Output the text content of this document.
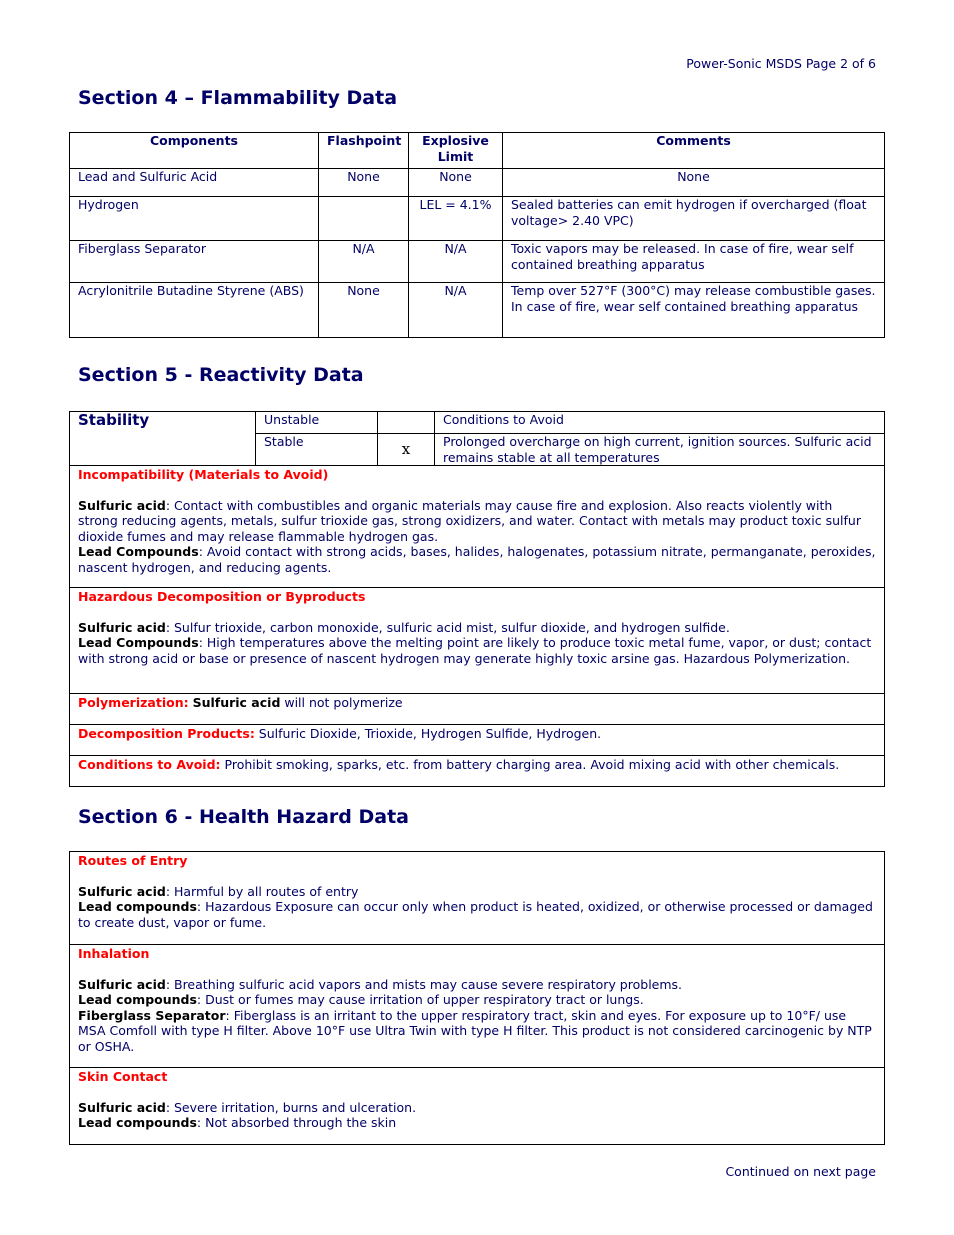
Power-Sonic MSDS Page 2 of 6
Section 4 – Flammability Data
Components	Flashpoint	Explosive Limit	Comments
Lead and Sulfuric Acid	None	None	None
Hydrogen		LEL = 4.1%	Sealed batteries can emit hydrogen if overcharged (float voltage> 2.40 VPC)
Fiberglass Separator	N/A	N/A	Toxic vapors may be released. In case of fire, wear self contained breathing apparatus
Acrylonitrile Butadine Styrene (ABS)	None	N/A	Temp over 527°F (300°C) may release combustible gases. In case of fire, wear self contained breathing apparatus
Section 5 - Reactivity Data
Stability	Unstable		Conditions to Avoid
	Stable	x	Prolonged overcharge on high current, ignition sources. Sulfuric acid remains stable at all temperatures

Incompatibility (Materials to Avoid)
Sulfuric acid: Contact with combustibles and organic materials may cause fire and explosion. Also reacts violently with strong reducing agents, metals, sulfur trioxide gas, strong oxidizers, and water. Contact with metals may product toxic sulfur dioxide fumes and may release flammable hydrogen gas.
Lead Compounds: Avoid contact with strong acids, bases, halides, halogenates, potassium nitrate, permanganate, peroxides, nascent hydrogen, and reducing agents.			

Hazardous Decomposition or Byproducts
Sulfuric acid: Sulfur trioxide, carbon monoxide, sulfuric acid mist, sulfur dioxide, and hydrogen sulfide.
Lead Compounds: High temperatures above the melting point are likely to produce toxic metal fume, vapor, or dust; contact with strong acid or base or presence of nascent hydrogen may generate highly toxic arsine gas. Hazardous Polymerization.			

Polymerization: Sulfuric acid will not polymerize			
Decomposition Products: Sulfuric Dioxide, Trioxide, Hydrogen Sulfide, Hydrogen.			
Conditions to Avoid: Prohibit smoking, sparks, etc. from battery charging area. Avoid mixing acid with other chemicals.			
Section 6 - Health Hazard Data
Routes of Entry
Sulfuric acid: Harmful by all routes of entry
Lead compounds: Hazardous Exposure can occur only when product is heated, oxidized, or otherwise processed or damaged to create dust, vapor or fume.

Inhalation
Sulfuric acid: Breathing sulfuric acid vapors and mists may cause severe respiratory problems.
Lead compounds: Dust or fumes may cause irritation of upper respiratory tract or lungs.
Fiberglass Separator: Fiberglass is an irritant to the upper respiratory tract, skin and eyes. For exposure up to 10°F/ use MSA Comfoll with type H filter. Above 10°F use Ultra Twin with type H filter. This product is not considered carcinogenic by NTP or OSHA.

Skin Contact
Sulfuric acid: Severe irritation, burns and ulceration.
Lead compounds: Not absorbed through the skin
Continued on next page
